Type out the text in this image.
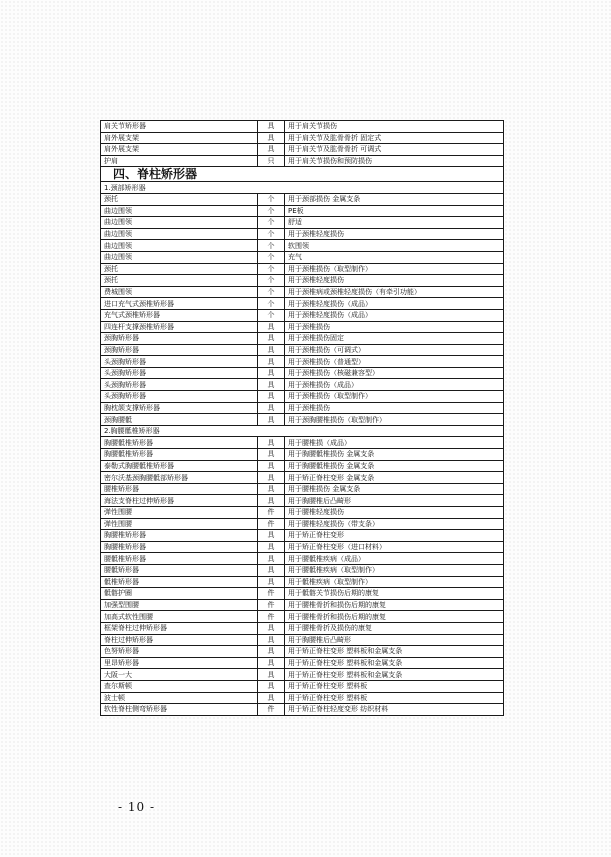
肩关节矫形器	具	用于肩关节损伤
肩外展支架	具	用于肩关节及肱骨骨折 固定式
肩外展支架	具	用于肩关节及肱骨骨折 可调式
护肩	只	用于肩关节损伤和预防损伤
四、脊柱矫形器		
1.颈部矫形器		
颈托	个	用于颈部损伤 金属支条
曲边围领	个	PE板
曲边围领	个	舒适
曲边围领	个	用于颈椎轻度损伤
曲边围领	个	软围领
曲边围领	个	充气
颈托	个	用于颈椎损伤（取型制作）
颈托	个	用于颈椎轻度损伤
费城围领	个	用于颈椎病或颈椎轻度损伤（有牵引功能）
进口充气式颈椎矫形器	个	用于颈椎轻度损伤（成品）
充气式颈椎矫形器	个	用于颈椎轻度损伤（成品）
四连杆支撑颈椎矫形器	具	用于颈椎损伤
颈胸矫形器	具	用于颈椎损伤固定
颈胸矫形器	具	用于颈椎损伤（可调式）
头颈胸矫形器	具	用于颈椎损伤（普通型）
头颈胸矫形器	具	用于颈椎损伤（核磁兼容型）
头颈胸矫形器	具	用于颈椎损伤（成品）
头颈胸矫形器	具	用于颈椎损伤（取型制作）
胸枕颌支撑矫形器	具	用于颈椎损伤
颈胸腰骶	具	用于颈胸腰椎损伤（取型制作）
2.胸腰骶椎矫形器		
胸腰骶椎矫形器	具	用于腰椎损（成品）
胸腰骶椎矫形器	具	用于胸腰骶椎损伤 金属支条
泰勒式胸腰骶椎矫形器	具	用于胸腰骶椎损伤 金属支条
密尔沃基颈胸腰骶部矫形器	具	用于矫正脊柱变形 金属支条
腰椎矫形器	具	用于腰椎损伤 金属支条
海法支脊柱过伸矫形器	具	用于胸腰椎后凸畸形
弹性围腰	件	用于腰椎轻度损伤
弹性围腰	件	用于腰椎轻度损伤（带支条）
胸腰椎矫形器	具	用于矫正脊柱变形
胸腰椎矫形器	具	用于矫正脊柱变形（进口材料）
腰骶椎矫形器	具	用于腰骶椎疾病（成品）
腰骶矫形器	具	用于腰骶椎疾病（取型制作）
骶椎矫形器	具	用于骶椎疾病（取型制作）
骶髂护圈	件	用于骶髂关节损伤后期的康复
加强型围腰	件	用于腰椎骨折和损伤后期的康复
加高式软性围腰	件	用于腰椎骨折和损伤后期的康复
框架脊柱过伸矫形器	具	用于腰椎骨折及损伤的康复
脊柱过伸矫形器	具	用于胸腰椎后凸畸形
色努矫形器	具	用于矫正脊柱变形 塑料板和金属支条
里昂矫形器	具	用于矫正脊柱变形 塑料板和金属支条
大阪一大	具	用于矫正脊柱变形 塑料板和金属支条
查尔斯顿	具	用于矫正脊柱变形 塑料板
波士顿	具	用于矫正脊柱变形 塑料板
软性脊柱侧弯矫形器	件	用于矫正脊柱轻度变形 纺织材料
- 10 -
